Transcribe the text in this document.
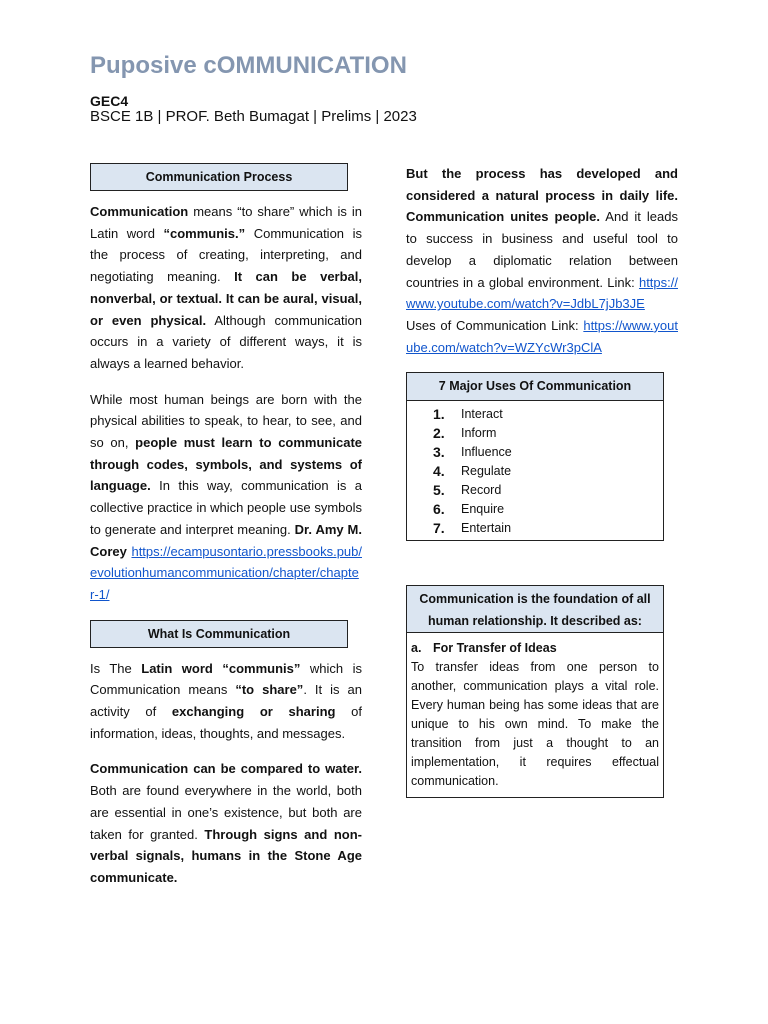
Puposive cOMMUNICATION
GEC4
BSCE 1B | PROF. Beth Bumagat | Prelims | 2023
Communication Process

Communication means “to share” which is in Latin word “communis.” Communication is the process of creating, interpreting, and negotiating meaning. It can be verbal, nonverbal, or textual. It can be aural, visual, or even physical. Although communication occurs in a variety of different ways, it is always a learned behavior.

While most human beings are born with the physical abilities to speak, to hear, to see, and so on, people must learn to communicate through codes, symbols, and systems of language. In this way, communication is a collective practice in which people use symbols to generate and interpret meaning. Dr. Amy M. Corey https://ecampusontario.pressbooks.pub/evolutionhumancommunication/chapter/chapter-1/

What Is Communication

Is The Latin word “communis” which is Communication means “to share”. It is an activity of exchanging or sharing of information, ideas, thoughts, and messages.

Communication can be compared to water. Both are found everywhere in the world, both are essential in one’s existence, but both are taken for granted. Through signs and non-verbal signals, humans in the Stone Age communicate.

But the process has developed and considered a natural process in daily life. Communication unites people. And it leads to success in business and useful tool to develop a diplomatic relation between countries in a global environment. Link: https://www.youtube.com/watch?v=JdbL7jJb3JE Uses of Communication Link: https://www.youtube.com/watch?v=WZYcWr3pClA

7 Major Uses Of Communication
1.	Interact
2.	Inform
3.	Influence
4.	Regulate
5.	Record
6.	Enquire
7.	Entertain
Communication is the foundation of all human relationship. It described as:
a. For Transfer of Ideas

To transfer ideas from one person to another, communication plays a vital role. Every human being has some ideas that are unique to his own mind. To make the transition from just a thought to an implementation, it requires effectual communication.
